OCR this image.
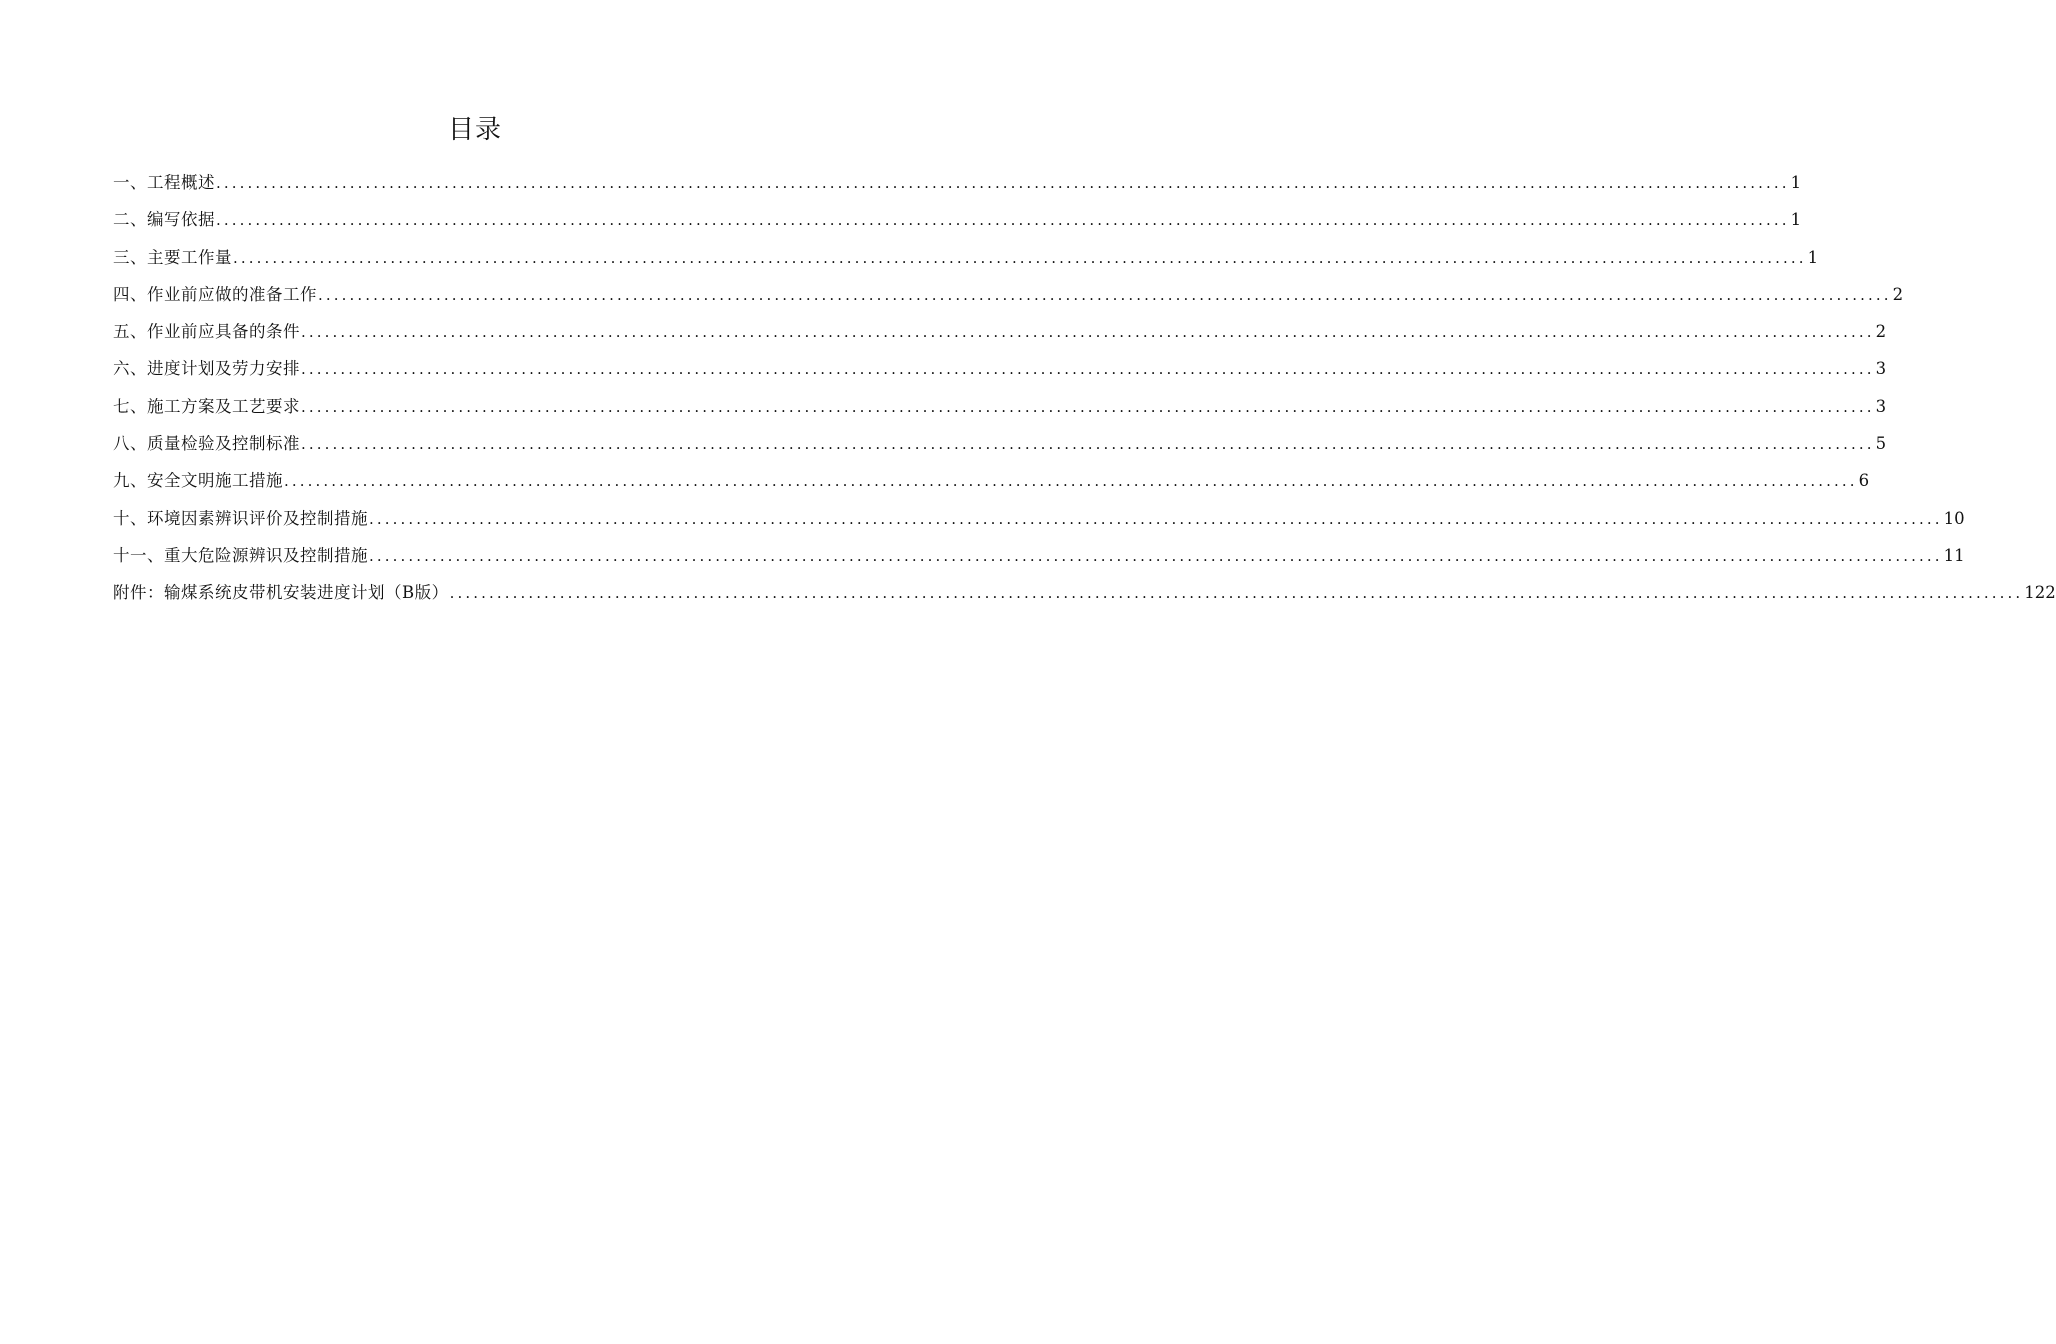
目录
一、工程概述 ........................................................................................................................................................................................................ 1
二、编写依据 ........................................................................................................................................................................................................ 1
三、主要工作量 ........................................................................................................................................................................................................ 1
四、作业前应做的准备工作 ........................................................................................................................................................................................................ 2
五、作业前应具备的条件 ........................................................................................................................................................................................................ 2
六、进度计划及劳力安排 ........................................................................................................................................................................................................ 3
七、施工方案及工艺要求 ........................................................................................................................................................................................................ 3
八、质量检验及控制标准 ........................................................................................................................................................................................................ 5
九、安全文明施工措施 ........................................................................................................................................................................................................ 6
十、环境因素辨识评价及控制措施 ........................................................................................................................................................................................................ 10
十一、重大危险源辨识及控制措施 ........................................................................................................................................................................................................ 11
附件：输煤系统皮带机安装进度计划（B版） ........................................................................................................................................................................................................ 122
